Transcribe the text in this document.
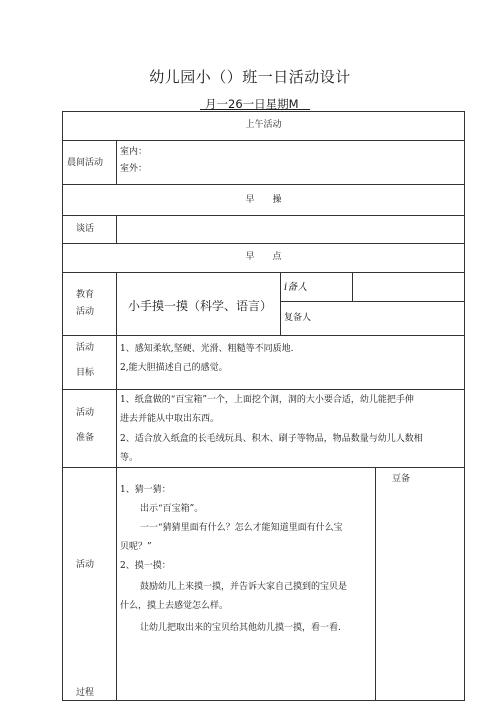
幼儿园小（）班一日活动设计
月一26一日星期M
上午活动
晨间活动
室内：
室外：
早　　操
谈话
早　　点
教育
活动	小手摸一摸（科学、语言）
i备人
复备人
活动
目标
1、感知柔软,坚硬、光滑、粗糙等不同质地.
2,能大胆描述自己的感觉。
活动
准备
1、纸盒做的“百宝箱”一个，上面挖个洞，洞的大小要合适，幼儿能把手伸
进去并能从中取出东西。
2、适合放入纸盒的长毛绒玩具、积木、刷子等物品，物品数量与幼儿人数相
等。
活动
过程
豆备
1、猜一猜：
出示“百宝箱”。
一一“猜猜里面有什么？怎么才能知道里面有什么宝
贝呢？”
2、摸一摸：
鼓励幼儿上来摸一摸，并告诉大家自己摸到的宝贝是
什么，摸上去感觉怎么样。
让幼儿把取出来的宝贝给其他幼儿摸一摸，看一看.
